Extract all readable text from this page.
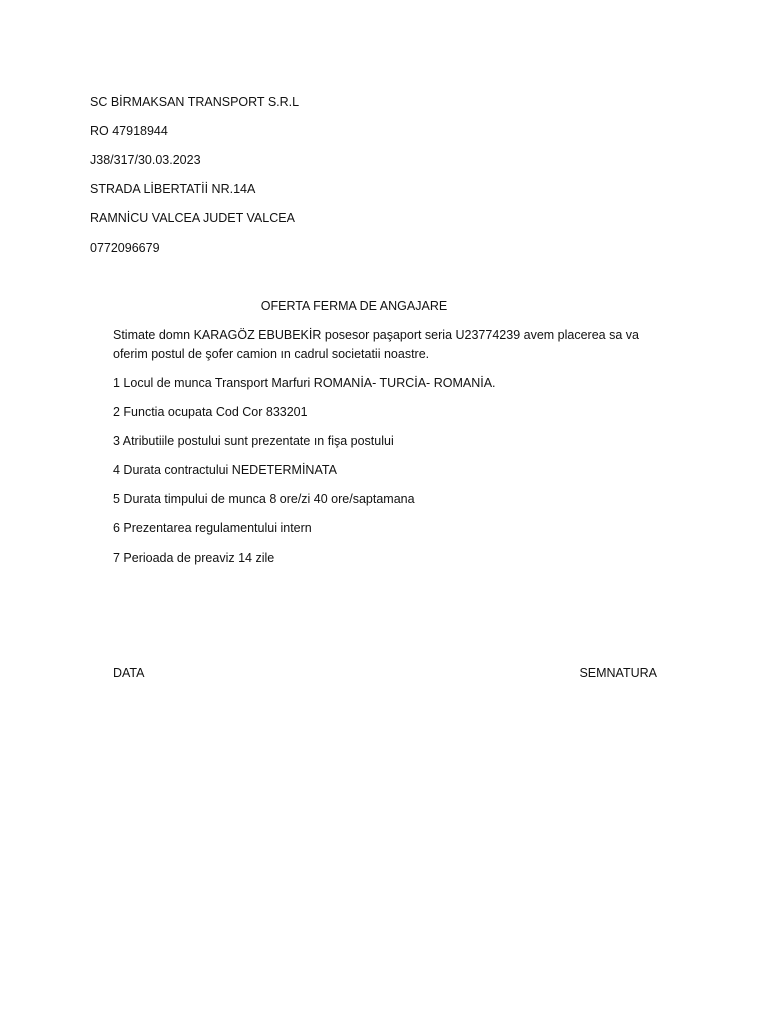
SC BİRMAKSAN TRANSPORT S.R.L
RO 47918944
J38/317/30.03.2023
STRADA LİBERTATİİ NR.14A
RAMNİCU VALCEA JUDET VALCEA
0772096679
OFERTA FERMA DE ANGAJARE
Stimate domn KARAGÖZ EBUBEKİR posesor paşaport seria U23774239 avem placerea sa va oferim postul de şofer camion ın cadrul societatii noastre.
1 Locul de munca Transport Marfuri ROMANİA- TURCİA- ROMANİA.
2 Functia ocupata Cod Cor 833201
3 Atributiile postului sunt prezentate ın fişa postului
4 Durata contractului NEDETERMİNATA
5 Durata timpului de munca 8 ore/zi 40 ore/saptamana
6 Prezentarea regulamentului intern
7 Perioada de preaviz 14 zile
DATA	SEMNATURA
